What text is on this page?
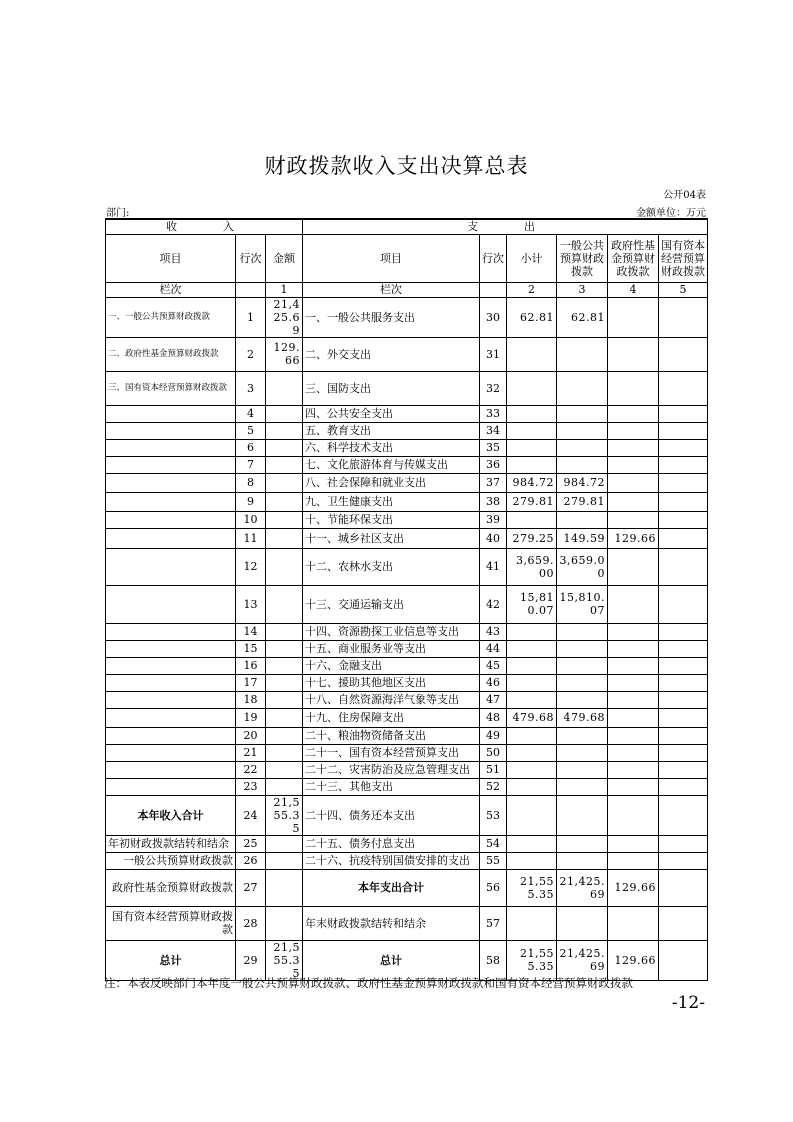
财政拨款收入支出决算总表
公开04表
部门:	金额单位：万元
收　　入			支　　出					
项目	行次	金额	项目	行次	小计	一般公共预算财政拨款	政府性基金预算财政拨款	国有资本经营预算财政拨款
栏次		1	栏次		2	3	4	5
一、一般公共预算财政拨款	1	21,425.69	一、一般公共服务支出	30	62.81	62.81		
二、政府性基金预算财政拨款	2	129.66	二、外交支出	31				
三、国有资本经营预算财政拨款	3		三、国防支出	32				
	4		四、公共安全支出	33				
	5		五、教育支出	34				
	6		六、科学技术支出	35				
	7		七、文化旅游体育与传媒支出	36				
	8		八、社会保障和就业支出	37	984.72	984.72		
	9		九、卫生健康支出	38	279.81	279.81		
	10		十、节能环保支出	39				
	11		十一、城乡社区支出	40	279.25	149.59	129.66	
	12		十二、农林水支出	41	3,659.00	3,659.00		
	13		十三、交通运输支出	42	15,810.07	15,810.07		
	14		十四、资源勘探工业信息等支出	43				
	15		十五、商业服务业等支出	44				
	16		十六、金融支出	45				
	17		十七、援助其他地区支出	46				
	18		十八、自然资源海洋气象等支出	47				
	19		十九、住房保障支出	48	479.68	479.68		
	20		二十、粮油物资储备支出	49				
	21		二十一、国有资本经营预算支出	50				
	22		二十二、灾害防治及应急管理支出	51				
	23		二十三、其他支出	52				
本年收入合计	24	21,555.35	二十四、债务还本支出	53				
年初财政拨款结转和结余	25		二十五、债务付息支出	54				
一般公共预算财政拨款	26		二十六、抗疫特别国债安排的支出	55				
政府性基金预算财政拨款	27		本年支出合计	56	21,555.35	21,425.69	129.66	
国有资本经营预算财政拨款	28		年末财政拨款结转和结余	57				
总计	29	21,555.35	总计	58	21,555.35	21,425.69	129.66	
注：本表反映部门本年度一般公共预算财政拨款、政府性基金预算财政拨款和国有资本经营预算财政拨款
-12-
